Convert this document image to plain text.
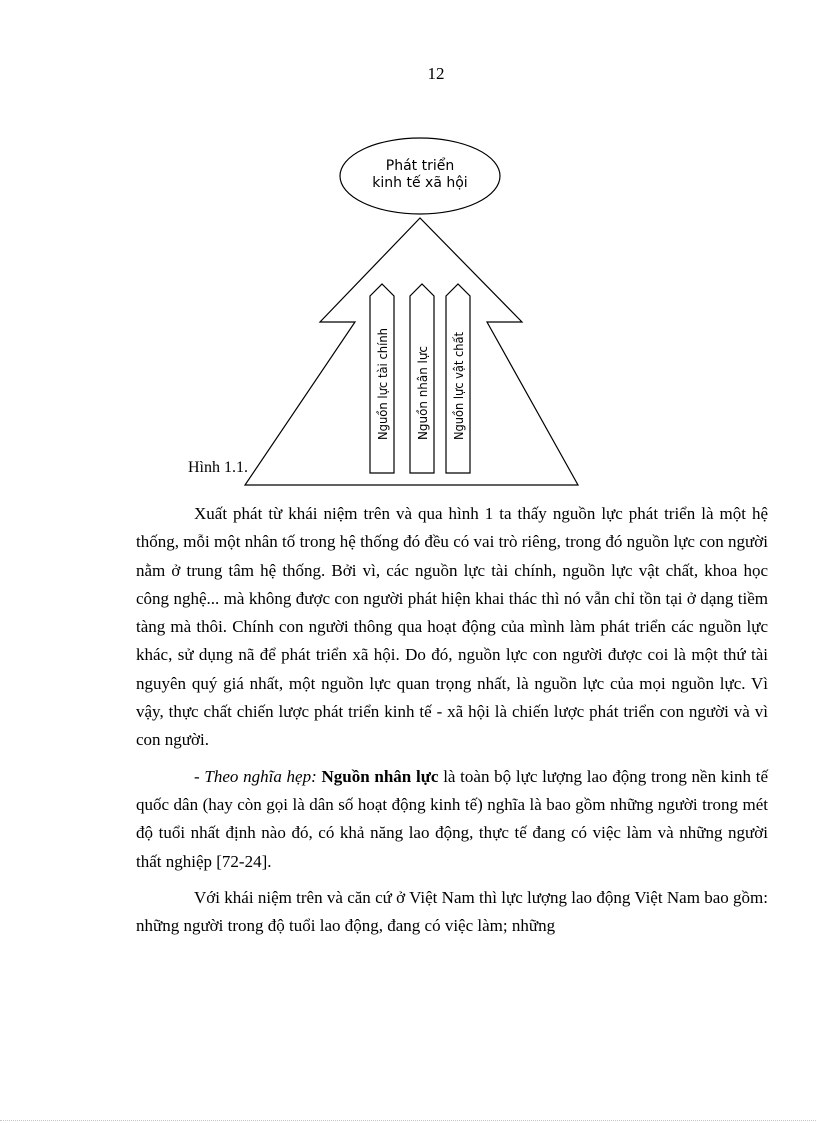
12
Phát triển
kinh tế xã hội
Nguồn lực tài chính Nguồn nhân lực Nguồn lực vật chất
Hình 1.1.

Xuất phát từ khái niệm trên và qua hình 1 ta thấy nguồn lực phát triển là một hệ thống, mỗi một nhân tố trong hệ thống đó đều có vai trò riêng, trong đó nguồn lực con người nằm ở trung tâm hệ thống. Bởi vì, các nguồn lực tài chính, nguồn lực vật chất, khoa học công nghệ... mà không được con người phát hiện khai thác thì nó vẫn chỉ tồn tại ở dạng tiềm tàng mà thôi. Chính con người thông qua hoạt động của mình làm phát triển các nguồn lực khác, sử dụng nã để phát triển xã hội. Do đó, nguồn lực con người được coi là một thứ tài nguyên quý giá nhất, một nguồn lực quan trọng nhất, là nguồn lực của mọi nguồn lực. Vì vậy, thực chất chiến lược phát triển kinh tế - xã hội là chiến lược phát triển con người và vì con người.

- Theo nghĩa hẹp: Nguồn nhân lực là toàn bộ lực lượng lao động trong nền kinh tế quốc dân (hay còn gọi là dân số hoạt động kinh tế) nghĩa là bao gồm những người trong mét độ tuổi nhất định nào đó, có khả năng lao động, thực tế đang có việc làm và những người thất nghiệp [72-24].

Với khái niệm trên và căn cứ ở Việt Nam thì lực lượng lao động Việt Nam bao gồm: những người trong độ tuổi lao động, đang có việc làm; những
